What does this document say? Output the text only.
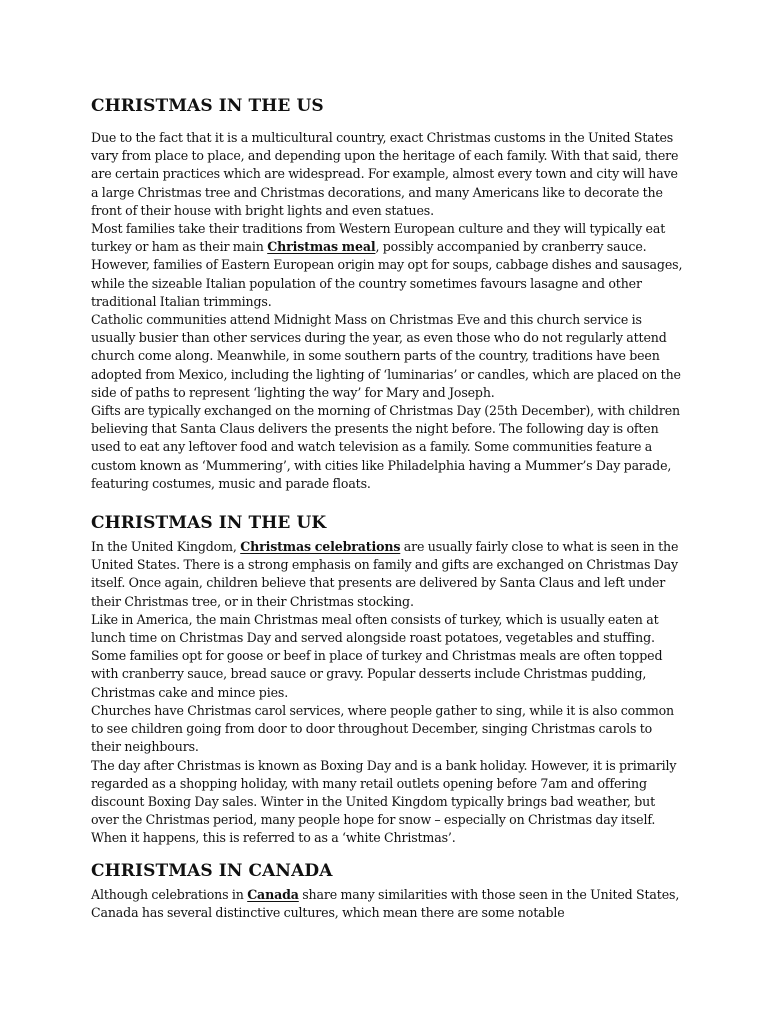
CHRISTMAS IN THE US

Due to the fact that it is a multicultural country, exact Christmas customs in the United States vary from place to place, and depending upon the heritage of each family. With that said, there are certain practices which are widespread. For example, almost every town and city will have a large Christmas tree and Christmas decorations, and many Americans like to decorate the front of their house with bright lights and even statues.

Most families take their traditions from Western European culture and they will typically eat turkey or ham as their main Christmas meal, possibly accompanied by cranberry sauce. However, families of Eastern European origin may opt for soups, cabbage dishes and sausages, while the sizeable Italian population of the country sometimes favours lasagne and other traditional Italian trimmings.

Catholic communities attend Midnight Mass on Christmas Eve and this church service is usually busier than other services during the year, as even those who do not regularly attend church come along. Meanwhile, in some southern parts of the country, traditions have been adopted from Mexico, including the lighting of ‘luminarias’ or candles, which are placed on the side of paths to represent ‘lighting the way’ for Mary and Joseph.

Gifts are typically exchanged on the morning of Christmas Day (25th December), with children believing that Santa Claus delivers the presents the night before. The following day is often used to eat any leftover food and watch television as a family. Some communities feature a custom known as ‘Mummering’, with cities like Philadelphia having a Mummer’s Day parade, featuring costumes, music and parade floats.

CHRISTMAS IN THE UK

In the United Kingdom, Christmas celebrations are usually fairly close to what is seen in the United States. There is a strong emphasis on family and gifts are exchanged on Christmas Day itself. Once again, children believe that presents are delivered by Santa Claus and left under their Christmas tree, or in their Christmas stocking.

Like in America, the main Christmas meal often consists of turkey, which is usually eaten at lunch time on Christmas Day and served alongside roast potatoes, vegetables and stuffing. Some families opt for goose or beef in place of turkey and Christmas meals are often topped with cranberry sauce, bread sauce or gravy. Popular desserts include Christmas pudding, Christmas cake and mince pies.

Churches have Christmas carol services, where people gather to sing, while it is also common to see children going from door to door throughout December, singing Christmas carols to their neighbours.

The day after Christmas is known as Boxing Day and is a bank holiday. However, it is primarily regarded as a shopping holiday, with many retail outlets opening before 7am and offering discount Boxing Day sales. Winter in the United Kingdom typically brings bad weather, but over the Christmas period, many people hope for snow – especially on Christmas day itself. When it happens, this is referred to as a ‘white Christmas’.

CHRISTMAS IN CANADA

Although celebrations in Canada share many similarities with those seen in the United States, Canada has several distinctive cultures, which mean there are some notable
